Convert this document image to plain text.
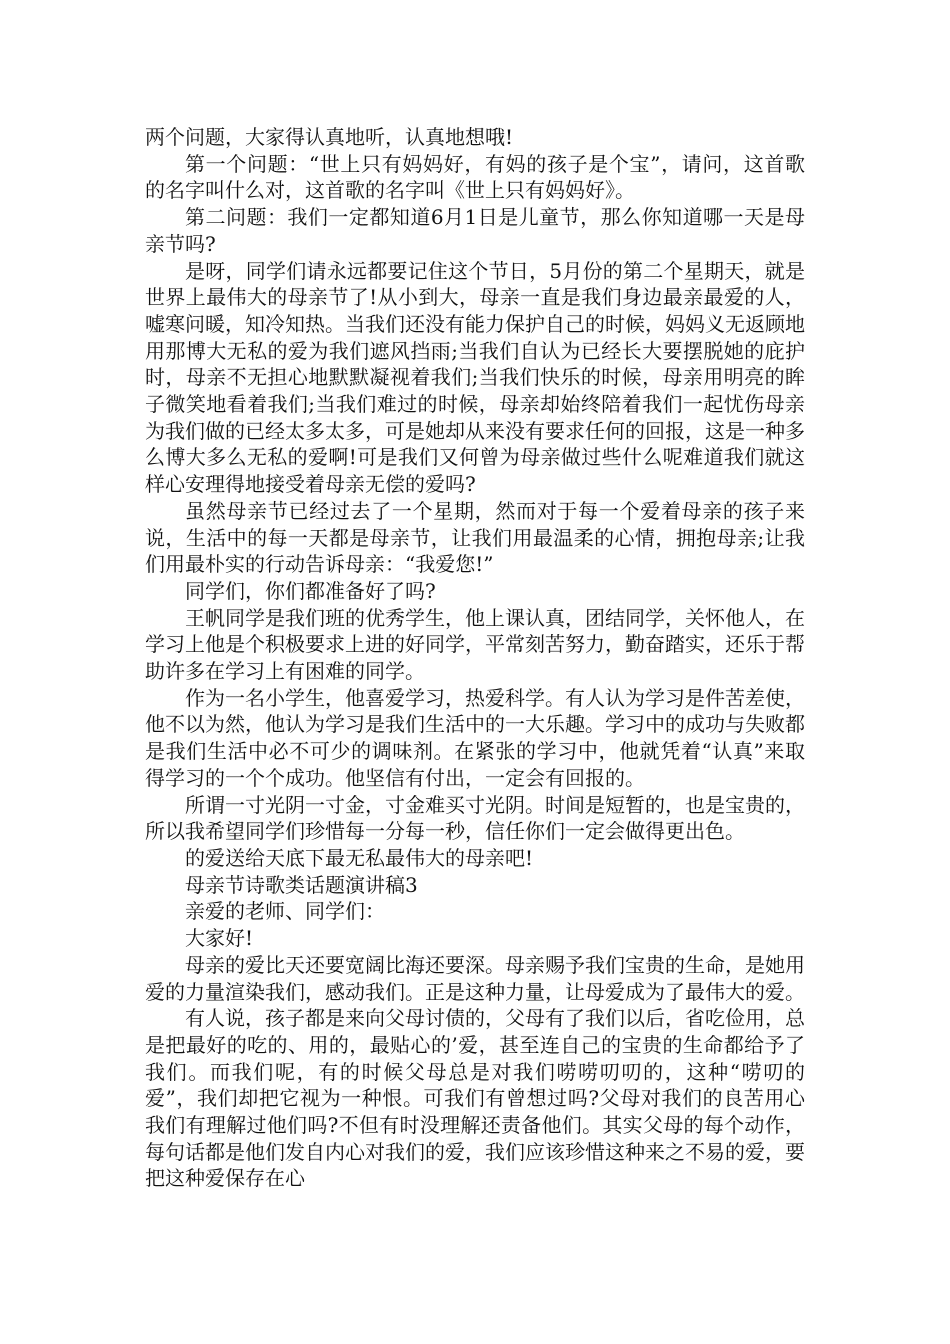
两个问题，大家得认真地听，认真地想哦!

第一个问题：“世上只有妈妈好，有妈的孩子是个宝”，请问，这首歌的名字叫什么对，这首歌的名字叫《世上只有妈妈好》。

第二问题：我们一定都知道6月1日是儿童节，那么你知道哪一天是母亲节吗?

是呀，同学们请永远都要记住这个节日，5月份的第二个星期天，就是世界上最伟大的母亲节了!从小到大，母亲一直是我们身边最亲最爱的人，嘘寒问暖，知冷知热。当我们还没有能力保护自己的时候，妈妈义无返顾地用那博大无私的爱为我们遮风挡雨;当我们自认为已经长大要摆脱她的庇护时，母亲不无担心地默默凝视着我们;当我们快乐的时候，母亲用明亮的眸子微笑地看着我们;当我们难过的时候，母亲却始终陪着我们一起忧伤母亲为我们做的已经太多太多，可是她却从来没有要求任何的回报，这是一种多么博大多么无私的爱啊!可是我们又何曾为母亲做过些什么呢难道我们就这样心安理得地接受着母亲无偿的爱吗?

虽然母亲节已经过去了一个星期，然而对于每一个爱着母亲的孩子来说，生活中的每一天都是母亲节，让我们用最温柔的心情，拥抱母亲;让我们用最朴实的行动告诉母亲：“我爱您!”

同学们，你们都准备好了吗?

王帆同学是我们班的优秀学生，他上课认真，团结同学，关怀他人，在学习上他是个积极要求上进的好同学，平常刻苦努力，勤奋踏实，还乐于帮助许多在学习上有困难的同学。

作为一名小学生，他喜爱学习，热爱科学。有人认为学习是件苦差使，他不以为然，他认为学习是我们生活中的一大乐趣。学习中的成功与失败都是我们生活中必不可少的调味剂。在紧张的学习中，他就凭着“认真”来取得学习的一个个成功。他坚信有付出，一定会有回报的。

所谓一寸光阴一寸金，寸金难买寸光阴。时间是短暂的，也是宝贵的，所以我希望同学们珍惜每一分每一秒，信任你们一定会做得更出色。

的爱送给天底下最无私最伟大的母亲吧!

母亲节诗歌类话题演讲稿3

亲爱的老师、同学们：

大家好!

母亲的爱比天还要宽阔比海还要深。母亲赐予我们宝贵的生命，是她用爱的力量渲染我们，感动我们。正是这种力量，让母爱成为了最伟大的爱。

有人说，孩子都是来向父母讨债的，父母有了我们以后，省吃俭用，总是把最好的吃的、用的，最贴心的’爱，甚至连自己的宝贵的生命都给予了我们。而我们呢，有的时候父母总是对我们唠唠叨叨的，这种“唠叨的爱”，我们却把它视为一种恨。可我们有曾想过吗?父母对我们的良苦用心我们有理解过他们吗?不但有时没理解还责备他们。其实父母的每个动作，每句话都是他们发自内心对我们的爱，我们应该珍惜这种来之不易的爱，要把这种爱保存在心
